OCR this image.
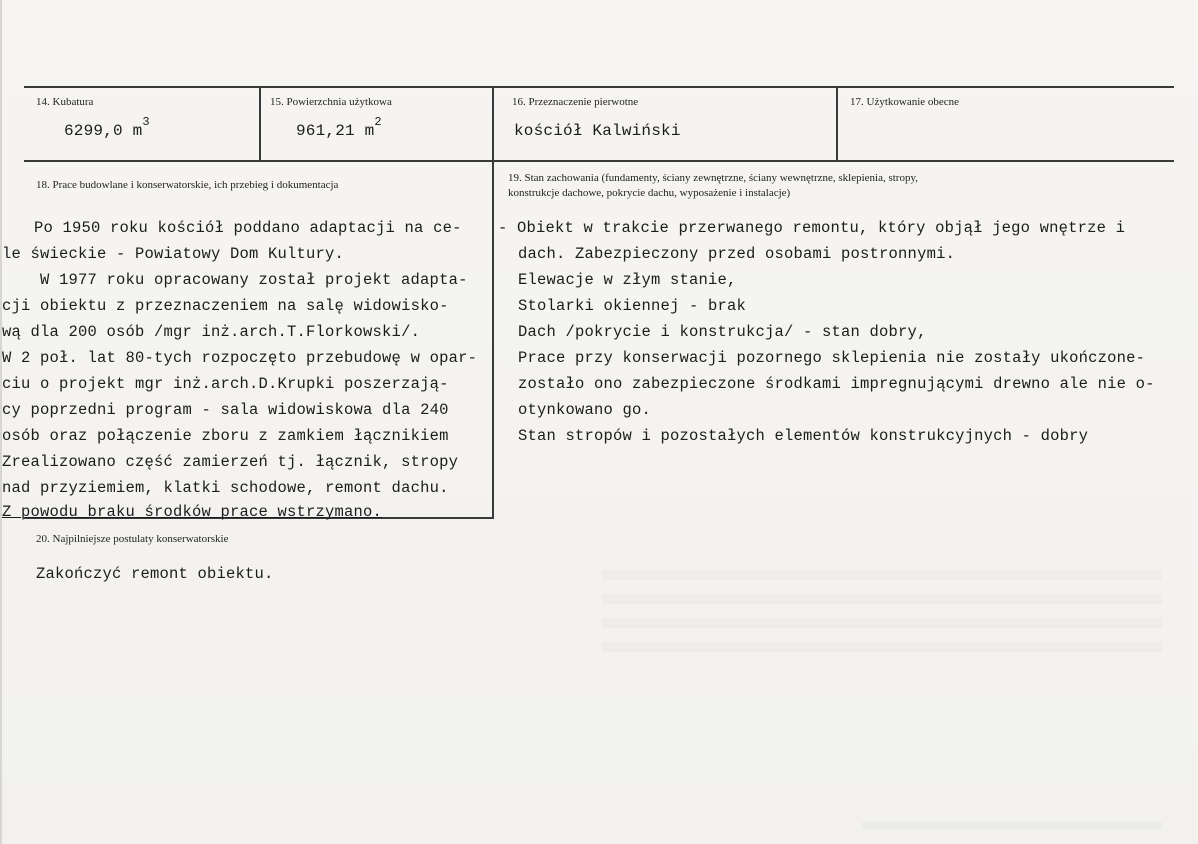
14. Kubatura
6299,0 $m^3$
15. Powierzchnia użytkowa
961,21 $m^2$
16. Przeznaczenie pierwotne
kościół Kalwiński
17. Użytkowanie obecne
18. Prace budowlane i konserwatorskie, ich przebieg i dokumentacja
Po 1950 roku kościół poddano adaptacji na ce-
le świeckie - Powiatowy Dom Kultury.
W 1977 roku opracowany został projekt adapta-
cji obiektu z przeznaczeniem na salę widowisko-
wą dla 200 osób /mgr inż.arch.T.Florkowski/.
W 2 poł. lat 80-tych rozpoczęto przebudowę w opar-
ciu o projekt mgr inż.arch.D.Krupki poszerzają-
cy poprzedni program - sala widowiskowa dla 240
osób oraz połączenie zboru z zamkiem łącznikiem
Zrealizowano część zamierzeń tj. łącznik, stropy
nad przyziemiem, klatki schodowe, remont dachu.
Z powodu braku środków prace wstrzymano.
19. Stan zachowania (fundamenty, ściany zewnętrzne, ściany wewnętrzne, sklepienia, stropy,
konstrukcje dachowe, pokrycie dachu, wyposażenie i instalacje)
- Obiekt w trakcie przerwanego remontu, który objął jego wnętrze i
dach. Zabezpieczony przed osobami postronnymi.
Elewacje w złym stanie,
Stolarki okiennej - brak
Dach /pokrycie i konstrukcja/ - stan dobry,
Prace przy konserwacji pozornego sklepienia nie zostały ukończone-
zostało ono zabezpieczone środkami impregnującymi drewno ale nie o-
otynkowano go.
Stan stropów i pozostałych elementów konstrukcyjnych - dobry
20. Najpilniejsze postulaty konserwatorskie
Zakończyć remont obiektu.
